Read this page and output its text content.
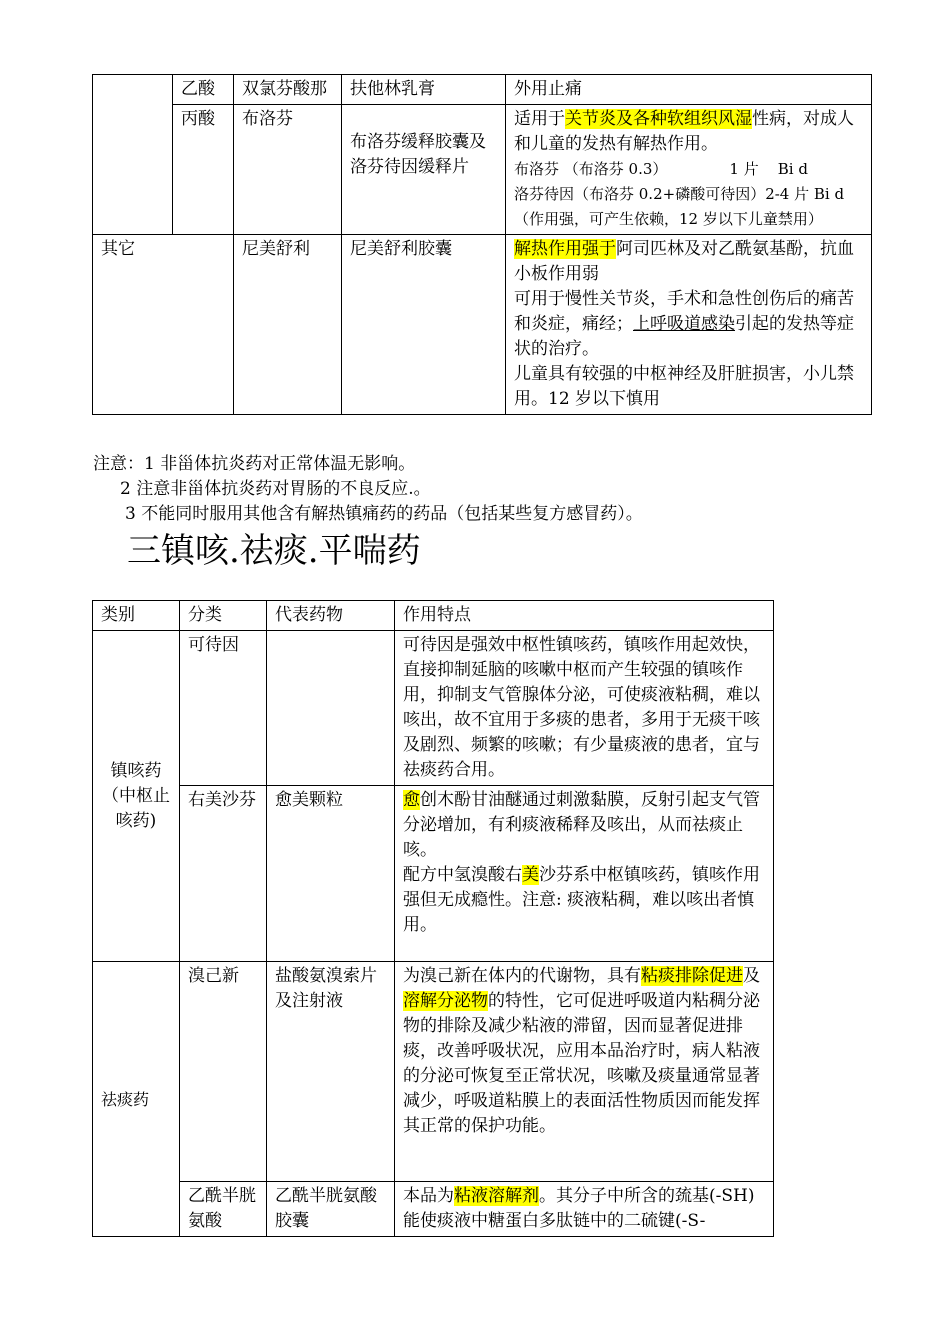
	乙酸	双氯芬酸那	扶他林乳膏	外用止痛
	丙酸	布洛芬	布洛芬缓释胶囊及洛芬待因缓释片	适用于关节炎及各种软组织风湿性病，对成人和儿童的发热有解热作用。
布洛芬 （布洛芬 0.3）             1 片    Bi d
洛芬待因（布洛芬 0.2+磷酸可待因）2-4 片 Bi d（作用强，可产生依赖，12 岁以下儿童禁用）

其它		尼美舒利	尼美舒利胶囊	解热作用强于阿司匹林及对乙酰氨基酚，抗血小板作用弱
可用于慢性关节炎，手术和急性创伤后的痛苦和炎症，痛经；上呼吸道感染引起的发热等症状的治疗。
儿童具有较强的中枢神经及肝脏损害，小儿禁用。12 岁以下慎用
注意：1 非甾体抗炎药对正常体温无影响。
2 注意非甾体抗炎药对胃肠的不良反应.。
3 不能同时服用其他含有解热镇痛药的药品（包括某些复方感冒药）。
三镇咳.祛痰.平喘药
类别	分类	代表药物	作用特点

镇咳药（中枢止咳药)	可待因		可待因是强效中枢性镇咳药，镇咳作用起效快，直接抑制延脑的咳嗽中枢而产生较强的镇咳作用，抑制支气管腺体分泌，可使痰液粘稠，难以咳出，故不宜用于多痰的患者，多用于无痰干咳及剧烈、频繁的咳嗽；有少量痰液的患者，宜与祛痰药合用。
	右美沙芬	愈美颗粒	愈创木酚甘油醚通过刺激黏膜，反射引起支气管分泌增加，有利痰液稀释及咳出，从而祛痰止咳。
配方中氢溴酸右美沙芬系中枢镇咳药，镇咳作用强但无成瘾性。注意: 痰液粘稠，难以咳出者慎用。

祛痰药	溴己新	盐酸氨溴索片及注射液	为溴己新在体内的代谢物，具有粘痰排除促进及溶解分泌物的特性，它可促进呼吸道内粘稠分泌物的排除及减少粘液的滞留，因而显著促进排痰，改善呼吸状况，应用本品治疗时，病人粘液的分泌可恢复至正常状况，咳嗽及痰量通常显著减少，呼吸道粘膜上的表面活性物质因而能发挥其正常的保护功能。
	乙酰半胱氨酸	乙酰半胱氨酸胶囊	本品为粘液溶解剂。其分子中所含的巯基(-SH)能使痰液中糖蛋白多肽链中的二硫键(-S-
